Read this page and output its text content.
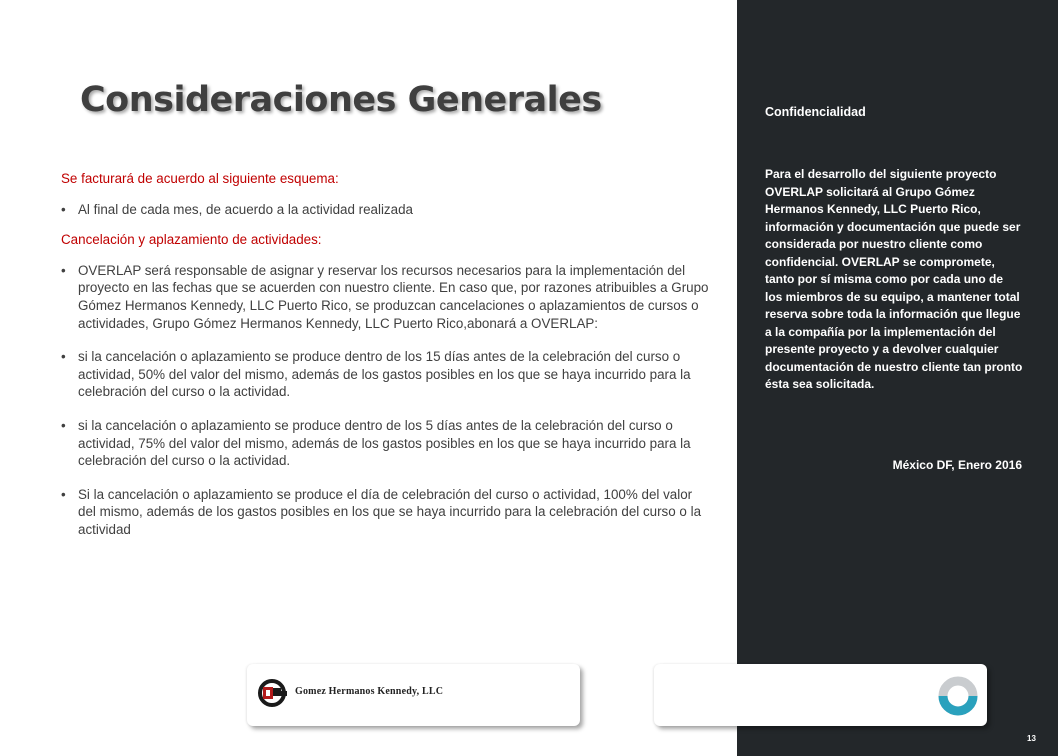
Consideraciones Generales

Se facturará de acuerdo al siguiente esquema:

• Al final de cada mes, de acuerdo a la actividad realizada

Cancelación y aplazamiento de actividades:

• OVERLAP será responsable de asignar y reservar los recursos necesarios para la implementación del proyecto en las fechas que se acuerden con nuestro cliente. En caso que, por razones atribuibles a Grupo Gómez Hermanos Kennedy, LLC Puerto Rico, se produzcan cancelaciones o aplazamientos de cursos o actividades, Grupo Gómez Hermanos Kennedy, LLC Puerto Rico,abonará a OVERLAP:

• si la cancelación o aplazamiento se produce dentro de los 15 días antes de la celebración del curso o actividad, 50% del valor del mismo, además de los gastos posibles en los que se haya incurrido para la celebración del curso o la actividad.

• si la cancelación o aplazamiento se produce dentro de los 5 días antes de la celebración del curso o actividad, 75% del valor del mismo, además de los gastos posibles en los que se haya incurrido para la celebración del curso o la actividad.

• Si la cancelación o aplazamiento se produce el día de celebración del curso o actividad, 100% del valor del mismo, además de los gastos posibles en los que se haya incurrido para la celebración del curso o la actividad

Confidencialidad
Para el desarrollo del siguiente proyecto OVERLAP solicitará al Grupo Gómez Hermanos Kennedy, LLC Puerto Rico, información y documentación que puede ser considerada por nuestro cliente como confidencial. OVERLAP se compromete, tanto por sí misma como por cada uno de los miembros de su equipo, a mantener total reserva sobre toda la información que llegue a la compañía por la implementación del presente proyecto y a devolver cualquier documentación de nuestro cliente tan pronto ésta sea solicitada.
México DF, Enero 2016
13
Gomez Hermanos Kennedy, LLC
